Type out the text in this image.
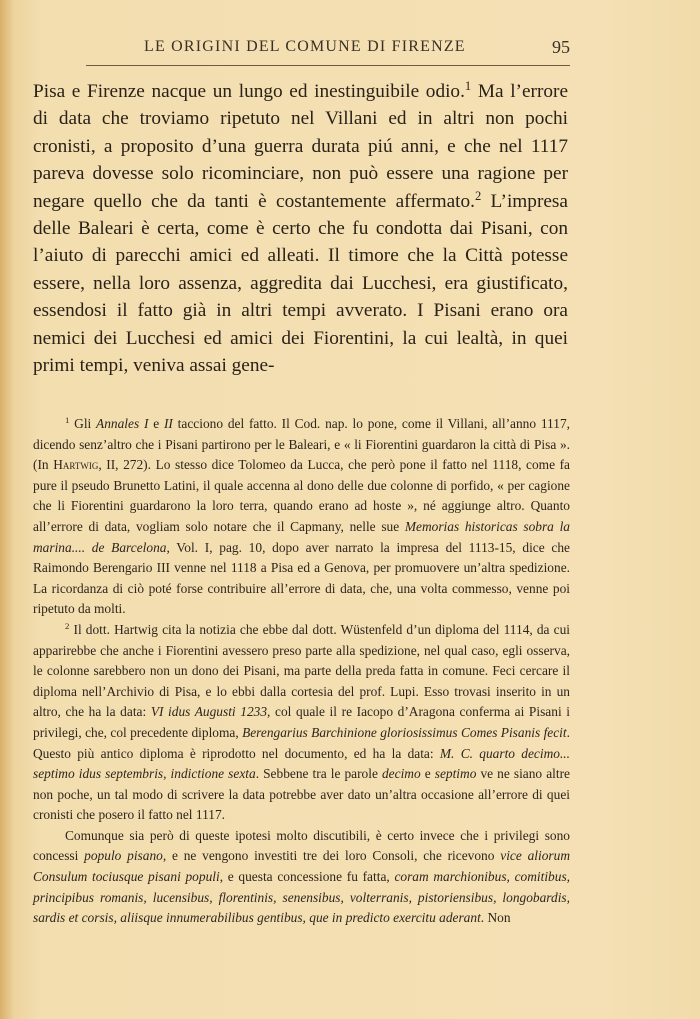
LE ORIGINI DEL COMUNE DI FIRENZE	95

Pisa e Firenze nacque un lungo ed inestinguibile odio.$^1$ Ma l’errore di data che troviamo ripetuto nel Villani ed in altri non pochi cronisti, a proposito d’una guerra durata piú anni, e che nel 1117 pareva dovesse solo ricominciare, non può essere una ragione per negare quello che da tanti è costantemente affermato.$^2$ L’impresa delle Baleari è certa, come è certo che fu condotta dai Pisani, con l’aiuto di parecchi amici ed alleati. Il timore che la Città potesse essere, nella loro assenza, aggredita dai Lucchesi, era giustificato, essendosi il fatto già in altri tempi avverato. I Pisani erano ora nemici dei Lucchesi ed amici dei Fiorentini, la cui lealtà, in quei primi tempi, veniva assai gene-

$^1$ Gli Annales I e II tacciono del fatto. Il Cod. nap. lo pone, come il Villani, all’anno 1117, dicendo senz’altro che i Pisani partirono per le Baleari, e « li Fiorentini guardaron la città di Pisa ». (In Hartwig, II, 272). Lo stesso dice Tolomeo da Lucca, che però pone il fatto nel 1118, come fa pure il pseudo Brunetto Latini, il quale accenna al dono delle due colonne di porfido, « per cagione che li Fiorentini guardarono la loro terra, quando erano ad hoste », né aggiunge altro. Quanto all’errore di data, vogliam solo notare che il Capmany, nelle sue Memorias historicas sobra la marina.... de Barcelona, Vol. I, pag. 10, dopo aver narrato la impresa del 1113-15, dice che Raimondo Berengario III venne nel 1118 a Pisa ed a Genova, per promuovere un’altra spedizione. La ricordanza di ciò poté forse contribuire all’errore di data, che, una volta commesso, venne poi ripetuto da molti.

$^2$ Il dott. Hartwig cita la notizia che ebbe dal dott. Wüstenfeld d’un diploma del 1114, da cui apparirebbe che anche i Fiorentini avessero preso parte alla spedizione, nel qual caso, egli osserva, le colonne sarebbero non un dono dei Pisani, ma parte della preda fatta in comune. Feci cercare il diploma nell’Archivio di Pisa, e lo ebbi dalla cortesia del prof. Lupi. Esso trovasi inserito in un altro, che ha la data: VI idus Augusti 1233, col quale il re Iacopo d’Aragona conferma ai Pisani i privilegi, che, col precedente diploma, Berengarius Barchinione gloriosissimus Comes Pisanis fecit. Questo più antico diploma è riprodotto nel documento, ed ha la data: M. C. quarto decimo... septimo idus septembris, indictione sexta. Sebbene tra le parole decimo e septimo ve ne siano altre non poche, un tal modo di scrivere la data potrebbe aver dato un’altra occasione all’errore di quei cronisti che posero il fatto nel 1117.

Comunque sia però di queste ipotesi molto discutibili, è certo invece che i privilegi sono concessi populo pisano, e ne vengono investiti tre dei loro Consoli, che ricevono vice aliorum Consulum tociusque pisani populi, e questa concessione fu fatta, coram marchionibus, comitibus, principibus romanis, lucensibus, florentinis, senensibus, volterranis, pistoriensibus, longobardis, sardis et corsis, aliisque innumerabilibus gentibus, que in predicto exercitu aderant. Non
